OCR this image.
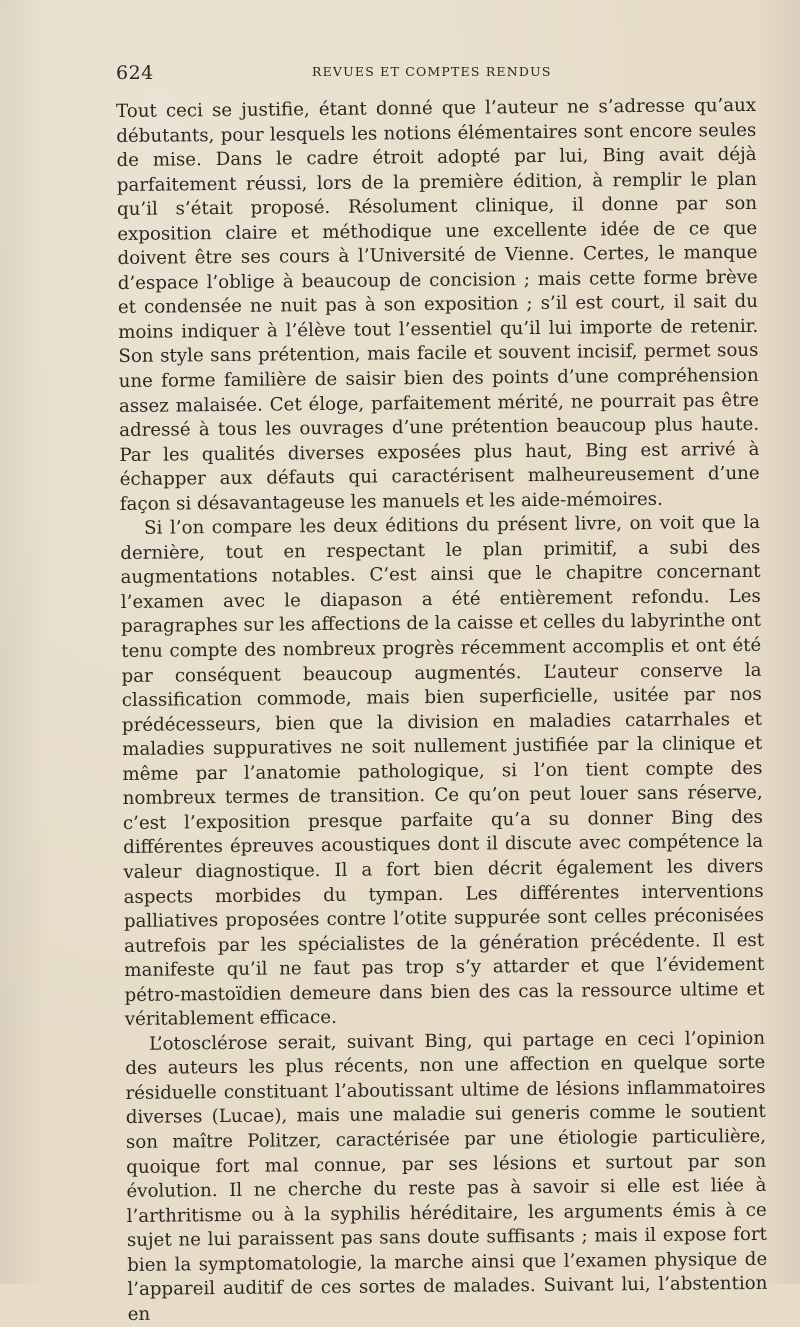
624	REVUES ET COMPTES RENDUS

Tout ceci se justifie, étant donné que l’auteur ne s’adresse qu’aux débutants, pour lesquels les notions élémentaires sont encore seules de mise. Dans le cadre étroit adopté par lui, Bing avait déjà parfaitement réussi, lors de la première édition, à remplir le plan qu’il s’était proposé. Résolument clinique, il donne par son exposition claire et méthodique une excellente idée de ce que doivent être ses cours à l’Université de Vienne. Certes, le manque d’espace l’oblige à beaucoup de concision ; mais cette forme brève et condensée ne nuit pas à son exposition ; s’il est court, il sait du moins indiquer à l’élève tout l’essentiel qu’il lui importe de retenir. Son style sans prétention, mais facile et souvent incisif, permet sous une forme familière de saisir bien des points d’une compréhension assez malaisée. Cet éloge, parfaitement mérité, ne pourrait pas être adressé à tous les ouvrages d’une prétention beaucoup plus haute. Par les qualités diverses exposées plus haut, Bing est arrivé à échapper aux défauts qui caractérisent malheureusement d’une façon si désavantageuse les manuels et les aide-mémoires.

Si l’on compare les deux éditions du présent livre, on voit que la dernière, tout en respectant le plan primitif, a subi des augmentations notables. C’est ainsi que le chapitre concernant l’examen avec le diapason a été entièrement refondu. Les paragraphes sur les affections de la caisse et celles du labyrinthe ont tenu compte des nombreux progrès récemment accomplis et ont été par conséquent beaucoup augmentés. L’auteur conserve la classification commode, mais bien superficielle, usitée par nos prédécesseurs, bien que la division en maladies catarrhales et maladies suppuratives ne soit nullement justifiée par la clinique et même par l’anatomie pathologique, si l’on tient compte des nombreux termes de transition. Ce qu’on peut louer sans réserve, c’est l’exposition presque parfaite qu’a su donner Bing des différentes épreuves acoustiques dont il discute avec compétence la valeur diagnostique. Il a fort bien décrit également les divers aspects morbides du tympan. Les différentes interventions palliatives proposées contre l’otite suppurée sont celles préconisées autrefois par les spécialistes de la génération précédente. Il est manifeste qu’il ne faut pas trop s’y attarder et que l’évidement pétro-mastoïdien demeure dans bien des cas la ressource ultime et véritablement efficace.

L’otosclérose serait, suivant Bing, qui partage en ceci l’opinion des auteurs les plus récents, non une affection en quelque sorte résiduelle constituant l’aboutissant ultime de lésions inflammatoires diverses (Lucae), mais une maladie sui generis comme le soutient son maître Politzer, caractérisée par une étiologie particulière, quoique fort mal connue, par ses lésions et surtout par son évolution. Il ne cherche du reste pas à savoir si elle est liée à l’arthritisme ou à la syphilis héréditaire, les arguments émis à ce sujet ne lui paraissent pas sans doute suffisants ; mais il expose fort bien la symptomatologie, la marche ainsi que l’examen physique de l’appareil auditif de ces sortes de malades. Suivant lui, l’abstention en
